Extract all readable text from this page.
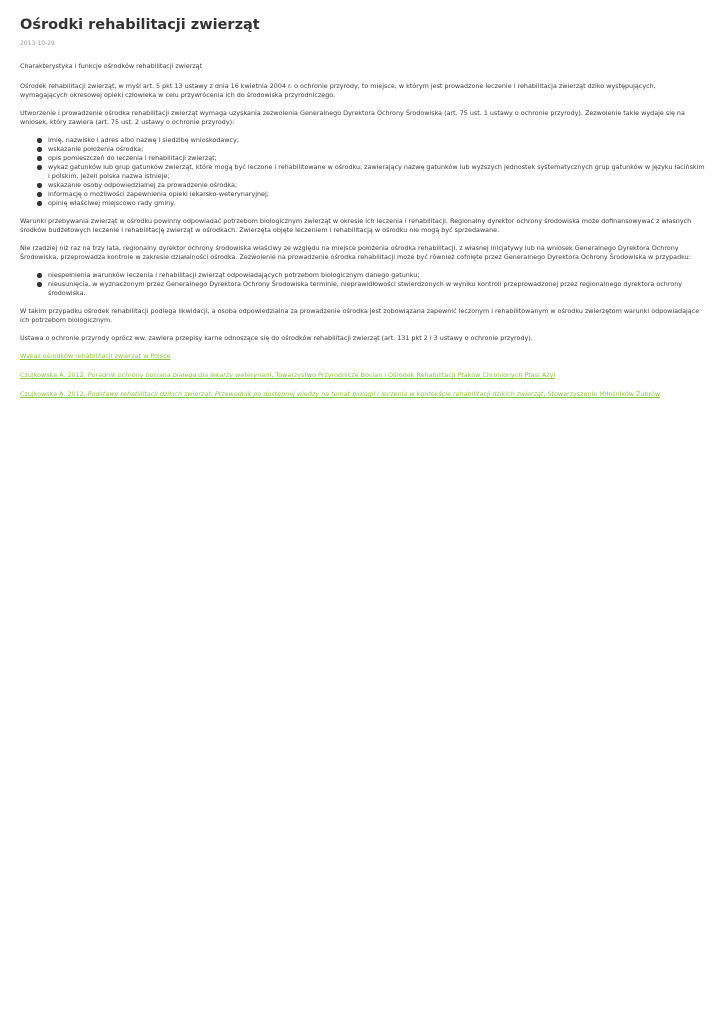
Ośrodki rehabilitacji zwierząt
2013-10-29

Charakterystyka i funkcje ośrodków rehabilitacji zwierząt

Ośrodek rehabilitacji zwierząt, w myśl art. 5 pkt 13 ustawy z dnia 16 kwietnia 2004 r. o ochronie przyrody, to miejsce, w którym jest prowadzone leczenie i rehabilitacja zwierząt dziko występujących, wymagających okresowej opieki człowieka w celu przywrócenia ich do środowiska przyrodniczego.

Utworzenie i prowadzenie ośrodka rehabilitacji zwierząt wymaga uzyskania zezwolenia Generalnego Dyrektora Ochrony Środowiska (art. 75 ust. 1 ustawy o ochronie przyrody). Zezwolenie takie wydaje się na wniosek, który zawiera (art. 75 ust. 2 ustawy o ochronie przyrody):

imię, nazwisko i adres albo nazwę i siedzibę wnioskodawcy;
wskazanie położenia ośrodka;
opis pomieszczeń do leczenia i rehabilitacji zwierząt;
wykaz gatunków lub grup gatunków zwierząt, które mogą być leczone i rehabilitowane w ośrodku, zawierający nazwę gatunków lub wyższych jednostek systematycznych grup gatunków w języku łacińskim i polskim, jeżeli polska nazwa istnieje;
wskazanie osoby odpowiedzialnej za prowadzenie ośrodka;
informację o możliwości zapewnienia opieki lekarsko-weterynaryjnej;
opinię właściwej miejscowo rady gminy.

Warunki przebywania zwierząt w ośrodku powinny odpowiadać potrzebom biologicznym zwierząt w okresie ich leczenia i rehabilitacji. Regionalny dyrektor ochrony środowiska może dofinansowywać z własnych środków budżetowych leczenie i rehabilitację zwierząt w ośrodkach. Zwierzęta objęte leczeniem i rehabilitacją w ośrodku nie mogą być sprzedawane.

Nie rzadziej niż raz na trzy lata, regionalny dyrektor ochrony środowiska właściwy ze względu na miejsce położenia ośrodka rehabilitacji, z własnej inicjatywy lub na wniosek Generalnego Dyrektora Ochrony Środowiska, przeprowadza kontrole w zakresie działalności ośrodka. Zezwolenie na prowadzenie ośrodka rehabilitacji może być również cofnięte przez Generalnego Dyrektora Ochrony Środowiska w przypadku:

niespełnienia warunków leczenia i rehabilitacji zwierząt odpowiadających potrzebom biologicznym danego gatunku;
nieusunięcia, w wyznaczonym przez Generalnego Dyrektora Ochrony Środowiska terminie, nieprawidłowości stwierdzonych w wyniku kontroli przeprowadzonej przez regionalnego dyrektora ochrony środowiska.

W takim przypadku ośrodek rehabilitacji podlega likwidacji, a osoba odpowiedzialna za prowadzenie ośrodka jest zobowiązana zapewnić leczonym i rehabilitowanym w ośrodku zwierzętom warunki odpowiadające ich potrzebom biologicznym.

Ustawa o ochronie przyrody oprócz ww. zawiera przepisy karne odnoszące się do ośrodków rehabilitacji zwierząt (art. 131 pkt 2 i 3 ustawy o ochronie przyrody).

Wykaz ośrodków rehabilitacji zwierząt w Polsce

Czujkowska A. 2012, Poradnik ochrony bociana białego dla lekarzy weterynarii, Towarzystwo Przyrodnicze Bocian i Ośrodek Rehabilitacji Ptaków Chronionych Ptasi Azyl

Czujkowska A. 2012, Podstawy rehabilitacji dzikich zwierząt. Przewodnik po dostępnej wiedzy na temat biologii i leczenia w kontekście rehabilitacji dzikich zwierząt, Stowarzyszenie Miłośników Żubrów
